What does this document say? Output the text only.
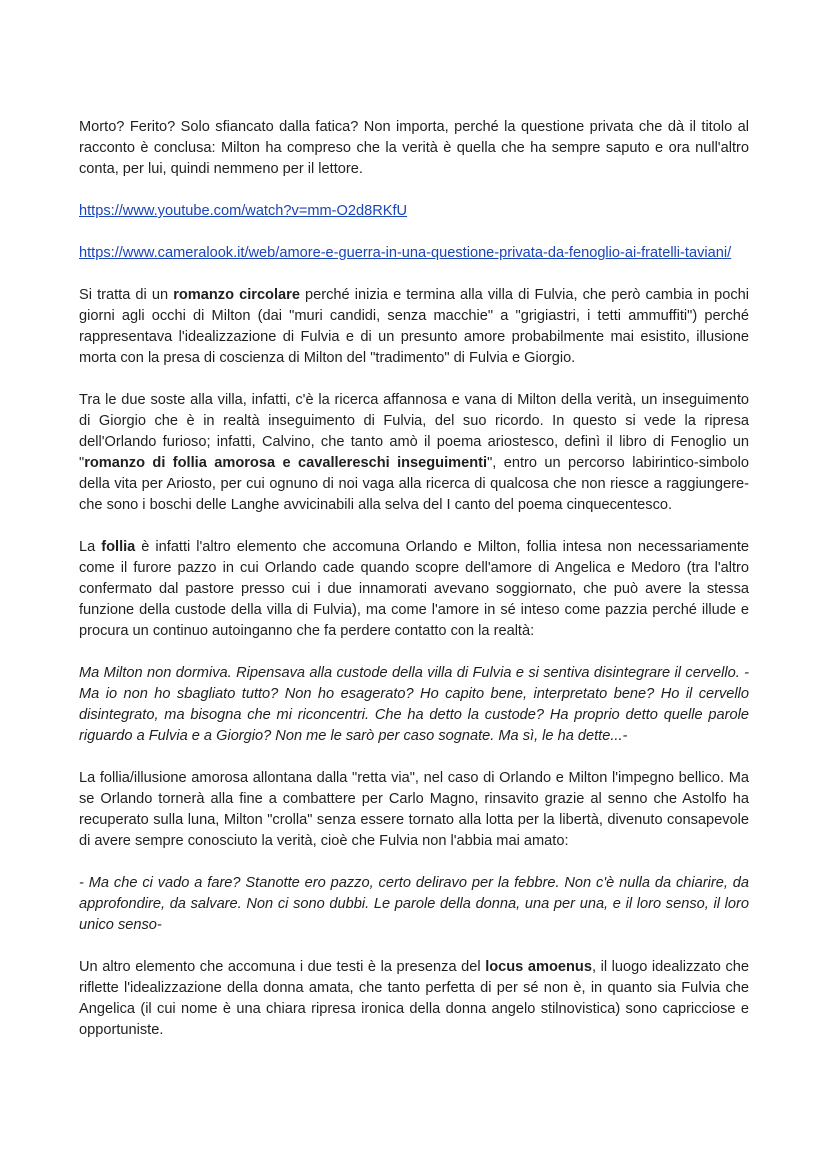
Morto? Ferito? Solo sfiancato dalla fatica? Non importa, perché la questione privata che dà il titolo al racconto è conclusa: Milton ha compreso che la verità è quella che ha sempre saputo e ora null'altro conta, per lui, quindi nemmeno per il lettore.

https://www.youtube.com/watch?v=mm-O2d8RKfU

https://www.cameralook.it/web/amore-e-guerra-in-una-questione-privata-da-fenoglio-ai-fratelli-taviani/

Si tratta di un romanzo circolare perché inizia e termina alla villa di Fulvia, che però cambia in pochi giorni agli occhi di Milton (dai "muri candidi, senza macchie" a "grigiastri, i tetti ammuffiti") perché rappresentava l'idealizzazione di Fulvia e di un presunto amore probabilmente mai esistito, illusione morta con la presa di coscienza di Milton del "tradimento" di Fulvia e Giorgio.

Tra le due soste alla villa, infatti, c'è la ricerca affannosa e vana di Milton della verità, un inseguimento di Giorgio che è in realtà inseguimento di Fulvia, del suo ricordo. In questo si vede la ripresa dell'Orlando furioso; infatti, Calvino, che tanto amò il poema ariostesco, definì il libro di Fenoglio un "romanzo di follia amorosa e cavallereschi inseguimenti", entro un percorso labirintico-simbolo della vita per Ariosto, per cui ognuno di noi vaga alla ricerca di qualcosa che non riesce a raggiungere- che sono i boschi delle Langhe avvicinabili alla selva del I canto del poema cinquecentesco.

La follia è infatti l'altro elemento che accomuna Orlando e Milton, follia intesa non necessariamente come il furore pazzo in cui Orlando cade quando scopre dell'amore di Angelica e Medoro (tra l'altro confermato dal pastore presso cui i due innamorati avevano soggiornato, che può avere la stessa funzione della custode della villa di Fulvia), ma come l'amore in sé inteso come pazzia perché illude e procura un continuo autoinganno che fa perdere contatto con la realtà:

Ma Milton non dormiva. Ripensava alla custode della villa di Fulvia e si sentiva disintegrare il cervello. -Ma io non ho sbagliato tutto? Non ho esagerato? Ho capito bene, interpretato bene? Ho il cervello disintegrato, ma bisogna che mi riconcentri. Che ha detto la custode? Ha proprio detto quelle parole riguardo a Fulvia e a Giorgio? Non me le sarò per caso sognate. Ma sì, le ha dette...-

La follia/illusione amorosa allontana dalla "retta via", nel caso di Orlando e Milton l'impegno bellico. Ma se Orlando tornerà alla fine a combattere per Carlo Magno, rinsavito grazie al senno che Astolfo ha recuperato sulla luna, Milton "crolla" senza essere tornato alla lotta per la libertà, divenuto consapevole di avere sempre conosciuto la verità, cioè che Fulvia non l'abbia mai amato:

- Ma che ci vado a fare? Stanotte ero pazzo, certo deliravo per la febbre. Non c'è nulla da chiarire, da approfondire, da salvare. Non ci sono dubbi. Le parole della donna, una per una, e il loro senso, il loro unico senso-

Un altro elemento che accomuna i due testi è la presenza del locus amoenus, il luogo idealizzato che riflette l'idealizzazione della donna amata, che tanto perfetta di per sé non è, in quanto sia Fulvia che Angelica (il cui nome è una chiara ripresa ironica della donna angelo stilnovistica) sono capricciose e opportuniste.
